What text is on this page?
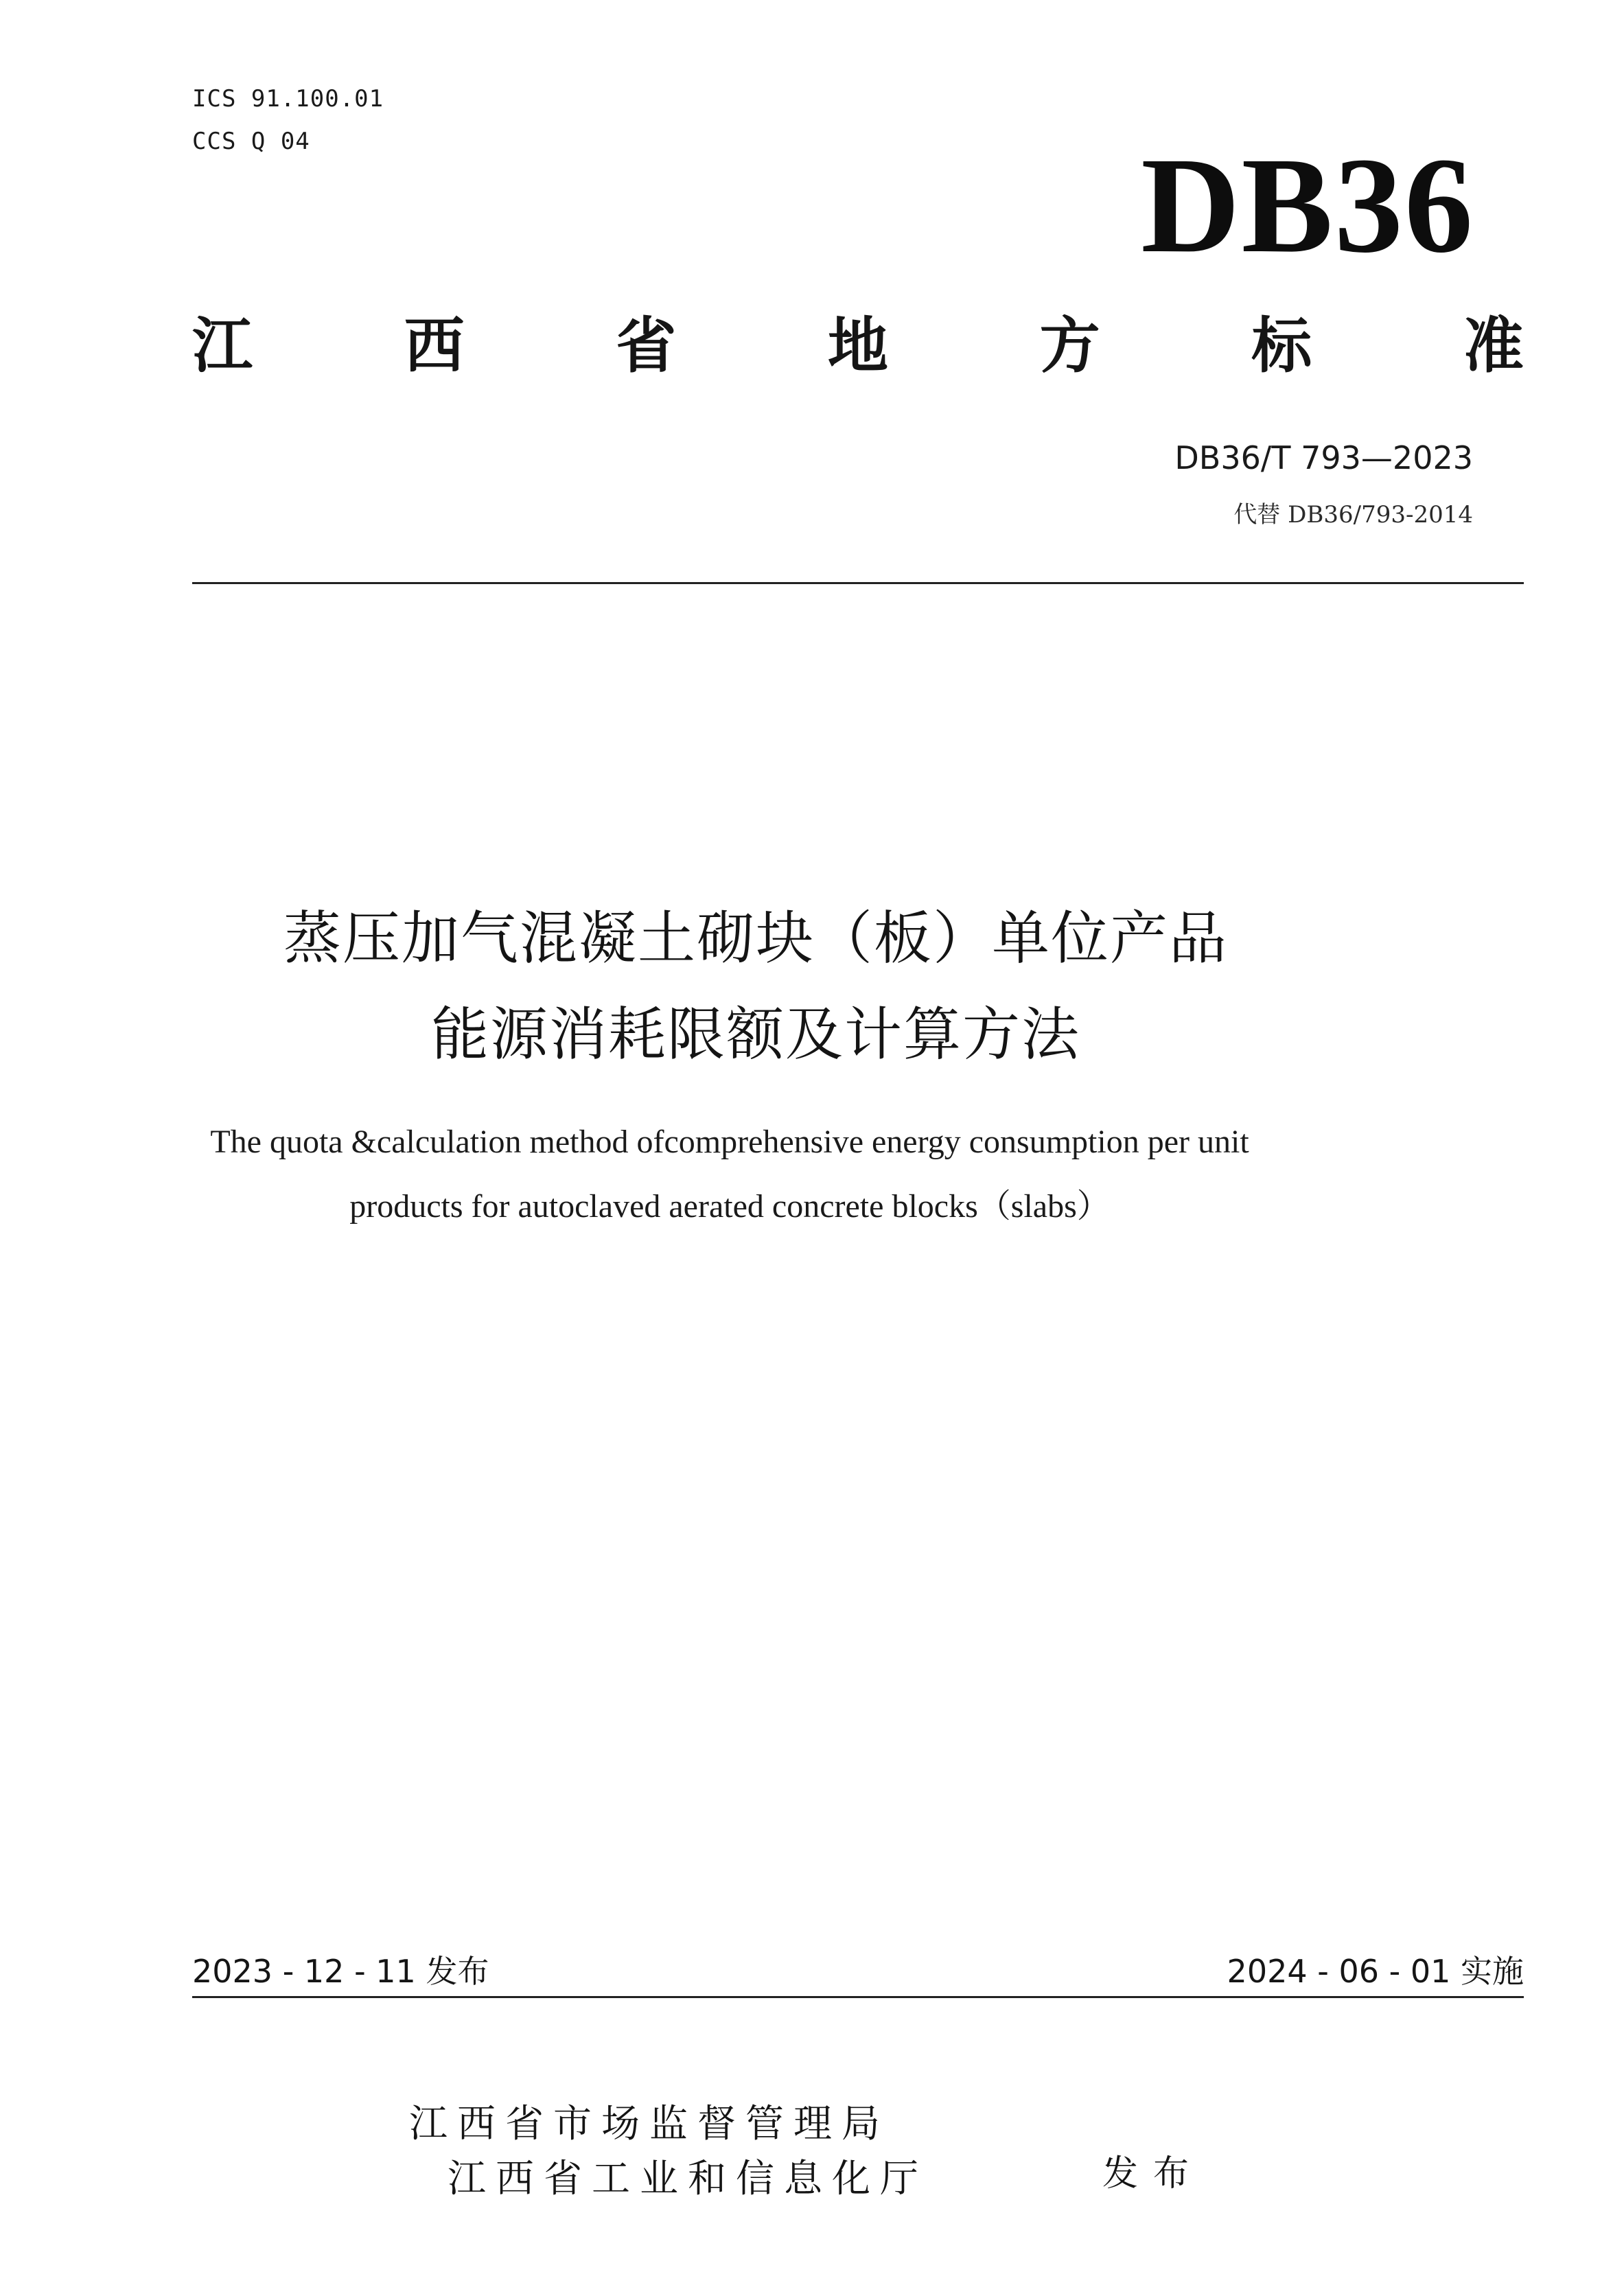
ICS 91.100.01
CCS Q 04	DB36
江	西	省	地	方	标	准
DB36/T 793—2023
代替 DB36/793-2014
蒸压加气混凝土砌块（板）单位产品
能源消耗限额及计算方法
The quota &calculation method ofcomprehensive energy consumption per unit
products for autoclaved aerated concrete blocks（slabs）
2023 - 12 - 11 发布	2024 - 06 - 01 实施
江西省市场监督管理局
江西省工业和信息化厅	发布
